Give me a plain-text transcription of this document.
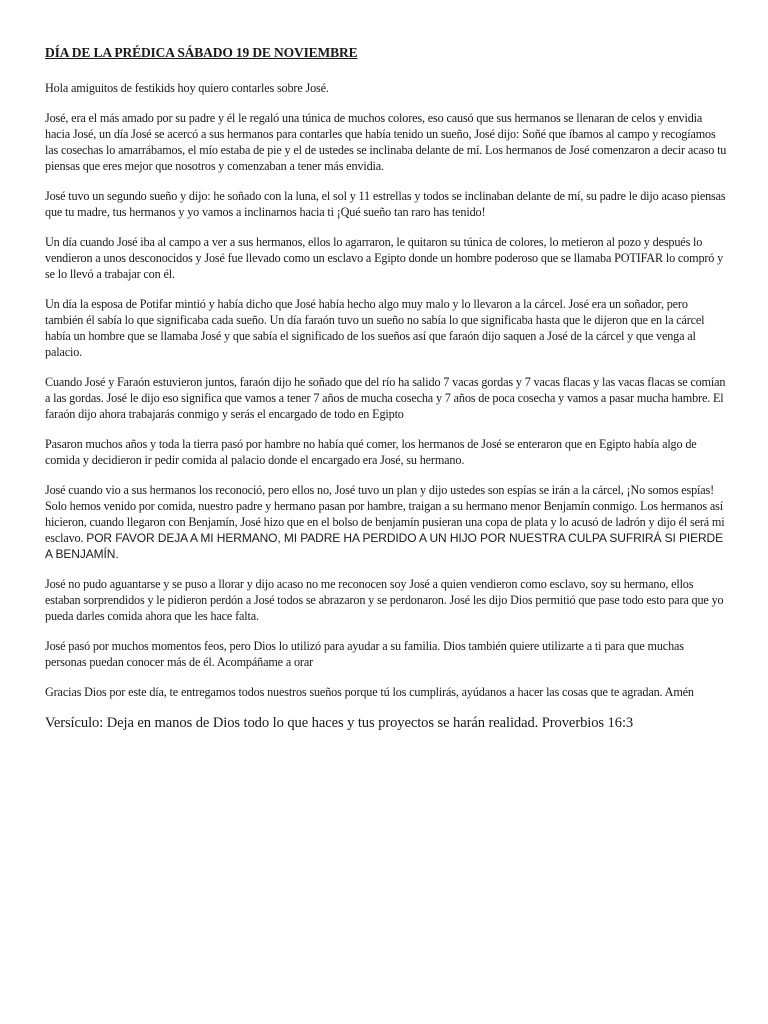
DÍA DE LA PRÉDICA SÁBADO 19 DE NOVIEMBRE
Hola amiguitos de festikids hoy quiero contarles sobre José.
José, era el más amado por su padre y él le regaló una túnica de muchos colores, eso causó que sus hermanos se llenaran de celos y envidia hacia José, un día José se acercó a sus hermanos para contarles que había tenido un sueño, José dijo: Soñé que íbamos al campo y recogíamos las cosechas lo amarrábamos, el mío estaba de pie y el de ustedes se inclinaba delante de mí. Los hermanos de José comenzaron a decir acaso tu piensas que eres mejor que nosotros y comenzaban a tener más envidia.
José tuvo un segundo sueño y dijo: he soñado con la luna, el sol y 11 estrellas y todos se inclinaban delante de mí, su padre le dijo acaso piensas que tu madre, tus hermanos y yo vamos a inclinarnos hacia ti ¡Qué sueño tan raro has tenido!
Un día cuando José iba al campo a ver a sus hermanos, ellos lo agarraron, le quitaron su túnica de colores, lo metieron al pozo y después lo vendieron a unos desconocidos y José fue llevado como un esclavo a Egipto donde un hombre poderoso que se llamaba POTIFAR lo compró y se lo llevó a trabajar con él.
Un día la esposa de Potifar mintió y había dicho que José había hecho algo muy malo y lo llevaron a la cárcel. José era un soñador, pero también él sabía lo que significaba cada sueño. Un día faraón tuvo un sueño no sabía lo que significaba hasta que le dijeron que en la cárcel había un hombre que se llamaba José y que sabía el significado de los sueños así que faraón dijo saquen a José de la cárcel y que venga al palacio.
Cuando José y Faraón estuvieron juntos, faraón dijo he soñado que del río ha salido 7 vacas gordas y 7 vacas flacas y las vacas flacas se comían a las gordas. José le dijo eso significa que vamos a tener 7 años de mucha cosecha y 7 años de poca cosecha y vamos a pasar mucha hambre. El faraón dijo ahora trabajarás conmigo y serás el encargado de todo en Egipto
Pasaron muchos años y toda la tierra pasó por hambre no había qué comer, los hermanos de José se enteraron que en Egipto había algo de comida y decidieron ir pedir comida al palacio donde el encargado era José, su hermano.
José cuando vio a sus hermanos los reconoció, pero ellos no, José tuvo un plan y dijo ustedes son espías se irán a la cárcel, ¡No somos espías! Solo hemos venido por comida, nuestro padre y hermano pasan por hambre, traigan a su hermano menor Benjamín conmigo. Los hermanos así hicieron, cuando llegaron con Benjamín, José hizo que en el bolso de benjamín pusieran una copa de plata y lo acusó de ladrón y dijo él será mi esclavo. POR FAVOR DEJA A MI HERMANO, MI PADRE HA PERDIDO A UN HIJO POR NUESTRA CULPA SUFRIRÁ SI PIERDE A BENJAMÍN.
José no pudo aguantarse y se puso a llorar y dijo acaso no me reconocen soy José a quien vendieron como esclavo, soy su hermano, ellos estaban sorprendidos y le pidieron perdón a José todos se abrazaron y se perdonaron. José les dijo Dios permitió que pase todo esto para que yo pueda darles comida ahora que les hace falta.
José pasó por muchos momentos feos, pero Dios lo utilizó para ayudar a su familia. Dios también quiere utilizarte a ti para que muchas personas puedan conocer más de él. Acompáñame a orar
Gracias Dios por este día, te entregamos todos nuestros sueños porque tú los cumplirás, ayúdanos a hacer las cosas que te agradan. Amén
Versículo: Deja en manos de Dios todo lo que haces y tus proyectos se harán realidad. Proverbios 16:3
